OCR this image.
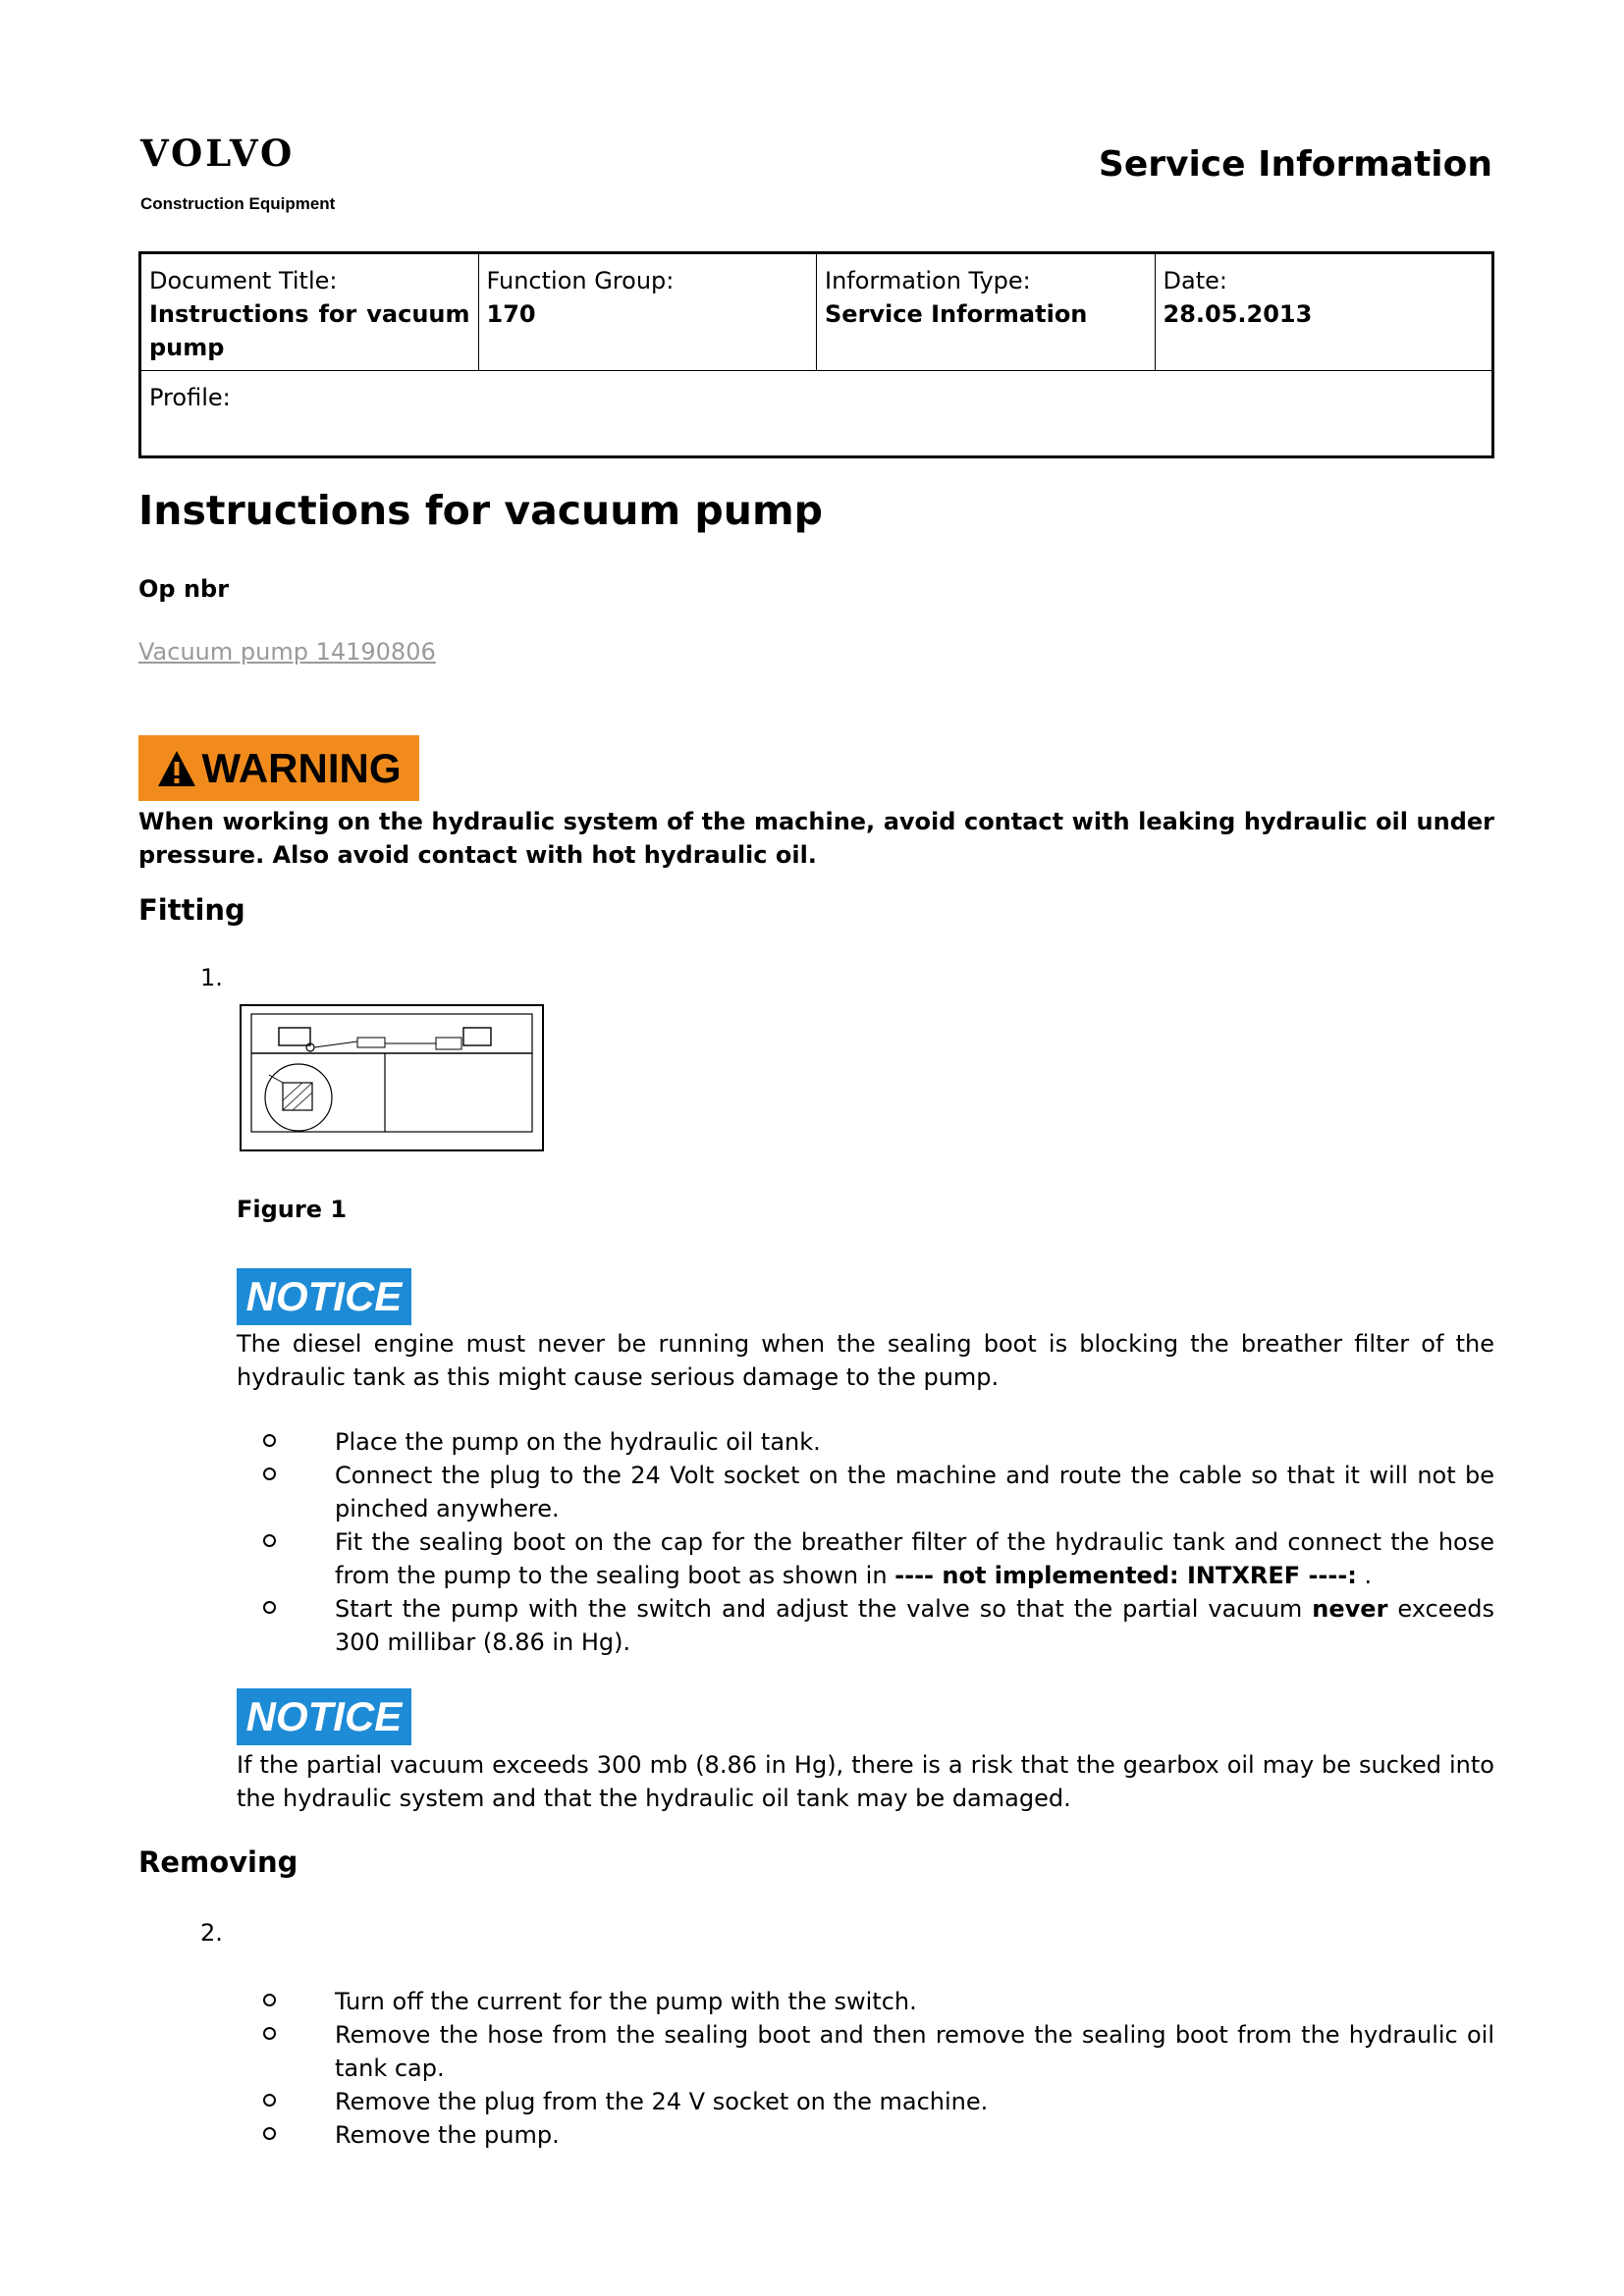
VOLVO
Construction Equipment
Service Information
Document Title:
Instructions for vacuum pump

Function Group:
170

Information Type:
Service Information

Date:
28.05.2013

Profile:
Instructions for vacuum pump
Op nbr
Vacuum pump 14190806
WARNING
When working on the hydraulic system of the machine, avoid contact with leaking hydraulic oil under pressure. Also avoid contact with hot hydraulic oil.
Fitting
1.
Figure 1
NOTICE
The diesel engine must never be running when the sealing boot is blocking the breather filter of the hydraulic tank as this might cause serious damage to the pump.
Place the pump on the hydraulic oil tank.
Connect the plug to the 24 Volt socket on the machine and route the cable so that it will not be pinched anywhere.
Fit the sealing boot on the cap for the breather filter of the hydraulic tank and connect the hose from the pump to the sealing boot as shown in ---- not implemented: INTXREF ----: .
Start the pump with the switch and adjust the valve so that the partial vacuum never exceeds 300 millibar (8.86 in Hg).
NOTICE
If the partial vacuum exceeds 300 mb (8.86 in Hg), there is a risk that the gearbox oil may be sucked into the hydraulic system and that the hydraulic oil tank may be damaged.
Removing
2.
Turn off the current for the pump with the switch.
Remove the hose from the sealing boot and then remove the sealing boot from the hydraulic oil tank cap.
Remove the plug from the 24 V socket on the machine.
Remove the pump.
